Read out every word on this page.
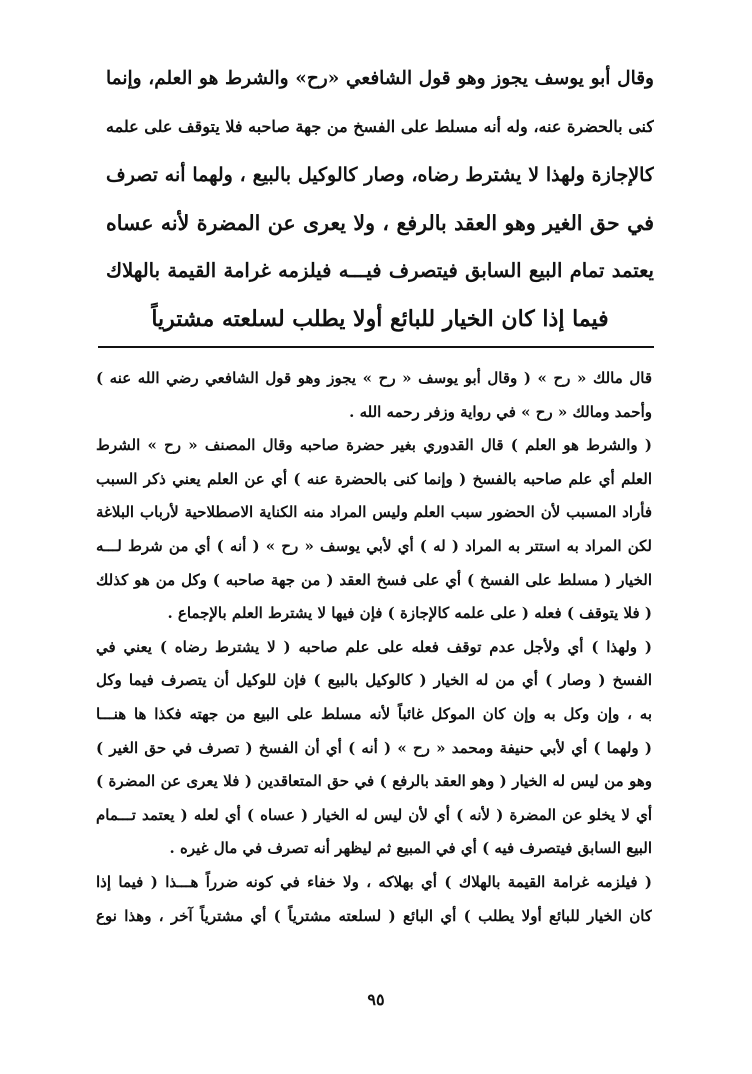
وقال أبو يوسف يجوز وهو قول الشافعي «رح» والشرط هو العلم، وإنما
كنى بالحضرة عنه، وله أنه مسلط على الفسخ من جهة صاحبه فلا يتوقف على علمه
كالإجازة ولهذا لا يشترط رضاه، وصار كالوكيل بالبيع ، ولهما أنه تصرف
في حق الغير وهو العقد بالرفع ، ولا يعرى عن المضرة لأنه عساه
يعتمد تمام البيع السابق فيتصرف فيـــه فيلزمه غرامة القيمة بالهلاك
فيما إذا كان الخيار للبائع أولا يطلب لسلعته مشترياً
قال مالك « رح » ( وقال أبو يوسف « رح » يجوز وهو قول الشافعي رضي الله عنه )
وأحمد ومالك « رح » في رواية وزفر رحمه الله .
( والشرط هو العلم ) قال القدوري بغير حضرة صاحبه وقال المصنف « رح » الشرط
العلم أي علم صاحبه بالفسخ ( وإنما كنى بالحضرة عنه ) أي عن العلم يعني ذكر السبب
فأراد المسبب لأن الحضور سبب العلم وليس المراد منه الكناية الاصطلاحية لأرباب البلاغة
لكن المراد به استتر به المراد ( له ) أي لأبي يوسف « رح » ( أنه ) أي من شرط لـــه
الخيار ( مسلط على الفسخ ) أي على فسخ العقد ( من جهة صاحبه ) وكل من هو كذلك
( فلا يتوقف ) فعله ( على علمه كالإجازة ) فإن فيها لا يشترط العلم بالإجماع .
( ولهذا ) أي ولأجل عدم توقف فعله على علم صاحبه ( لا يشترط رضاه ) يعني في
الفسخ ( وصار ) أي من له الخيار ( كالوكيل بالبيع ) فإن للوكيل أن يتصرف فيما وكل
به ، وإن وكل به وإن كان الموكل غائباً لأنه مسلط على البيع من جهته فكذا ها هنـــا
( ولهما ) أي لأبي حنيفة ومحمد « رح » ( أنه ) أي أن الفسخ ( تصرف في حق الغير )
وهو من ليس له الخيار ( وهو العقد بالرفع ) في حق المتعاقدين ( فلا يعرى عن المضرة )
أي لا يخلو عن المضرة ( لأنه ) أي لأن ليس له الخيار ( عساه ) أي لعله ( يعتمد تـــمام
البيع السابق فيتصرف فيه ) أي في المبيع ثم ليظهر أنه تصرف في مال غيره .
( فيلزمه غرامة القيمة بالهلاك ) أي بهلاكه ، ولا خفاء في كونه ضرراً هـــذا ( فيما إذا
كان الخيار للبائع أولا يطلب ) أي البائع ( لسلعته مشترياً ) أي مشترياً آخر ، وهذا نوع
٩٥
